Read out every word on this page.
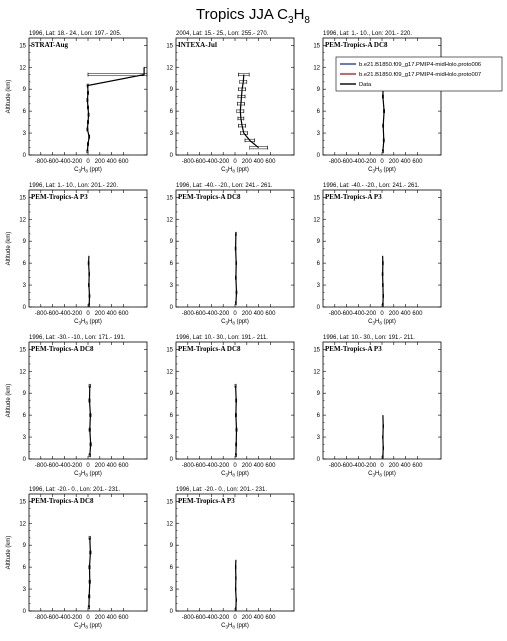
Tropics JJA $C_3H_8$
1996, Lat: 18.- 24., Lon: 197.- 205.
0
3
6
9
12
15
-800 -600 -400 -200 0 200 400 600
$C_3H_8$ (ppt)
Altitude (km)
STRAT-Aug
2004, Lat: 15.- 25., Lon: 255.- 270.
0
3
6
9
12
15
-800 -600 -400 -200 0 200 400 600
$C_3H_8$ (ppt)
INTEXA-Jul
1996, Lat: 1.- 10., Lon: 201.- 220.
0
3
6
9
12
15
-800 -600 -400 -200 0 200 400 600
$C_3H_8$ (ppt)
PEM-Tropics-A DC8
1996, Lat: 1.- 10., Lon: 201.- 220.
0
3
6
9
12
15
-800 -600 -400 -200 0 200 400 600
$C_3H_8$ (ppt)
Altitude (km)
PEM-Tropics-A P3
1996, Lat: -40.- -20., Lon: 241.- 261.
0
3
6
9
12
15
-800 -600 -400 -200 0 200 400 600
$C_3H_8$ (ppt)
PEM-Tropics-A DC8
1996, Lat: -40.- -20., Lon: 241.- 261.
0
3
6
9
12
15
-800 -600 -400 -200 0 200 400 600
$C_3H_8$ (ppt)
PEM-Tropics-A P3
1996, Lat: -30.- -10., Lon: 171.- 191.
0
3
6
9
12
15
-800 -600 -400 -200 0 200 400 600
$C_3H_8$ (ppt)
Altitude (km)
PEM-Tropics-A DC8
1996, Lat: 10.- 30., Lon: 191.- 211.
0
3
6
9
12
15
-800 -600 -400 -200 0 200 400 600
$C_3H_8$ (ppt)
PEM-Tropics-A DC8
1996, Lat: 10.- 30., Lon: 191.- 211.
0
3
6
9
12
15
-800 -600 -400 -200 0 200 400 600
$C_3H_8$ (ppt)
PEM-Tropics-A P3
1996, Lat: -20.- 0., Lon: 201.- 231.
0
3
6
9
12
15
-800 -600 -400 -200 0 200 400 600
$C_3H_8$ (ppt)
Altitude (km)
PEM-Tropics-A DC8
1996, Lat: -20.- 0., Lon: 201.- 231.
0
3
6
9
12
15
-800 -600 -400 -200 0 200 400 600
$C_3H_8$ (ppt)
PEM-Tropics-A P3
b.e21.B1850.f09_g17.PMIP4-midHolo.proto006
b.e21.B1850.f09_g17.PMIP4-midHolo.proto007
Data
